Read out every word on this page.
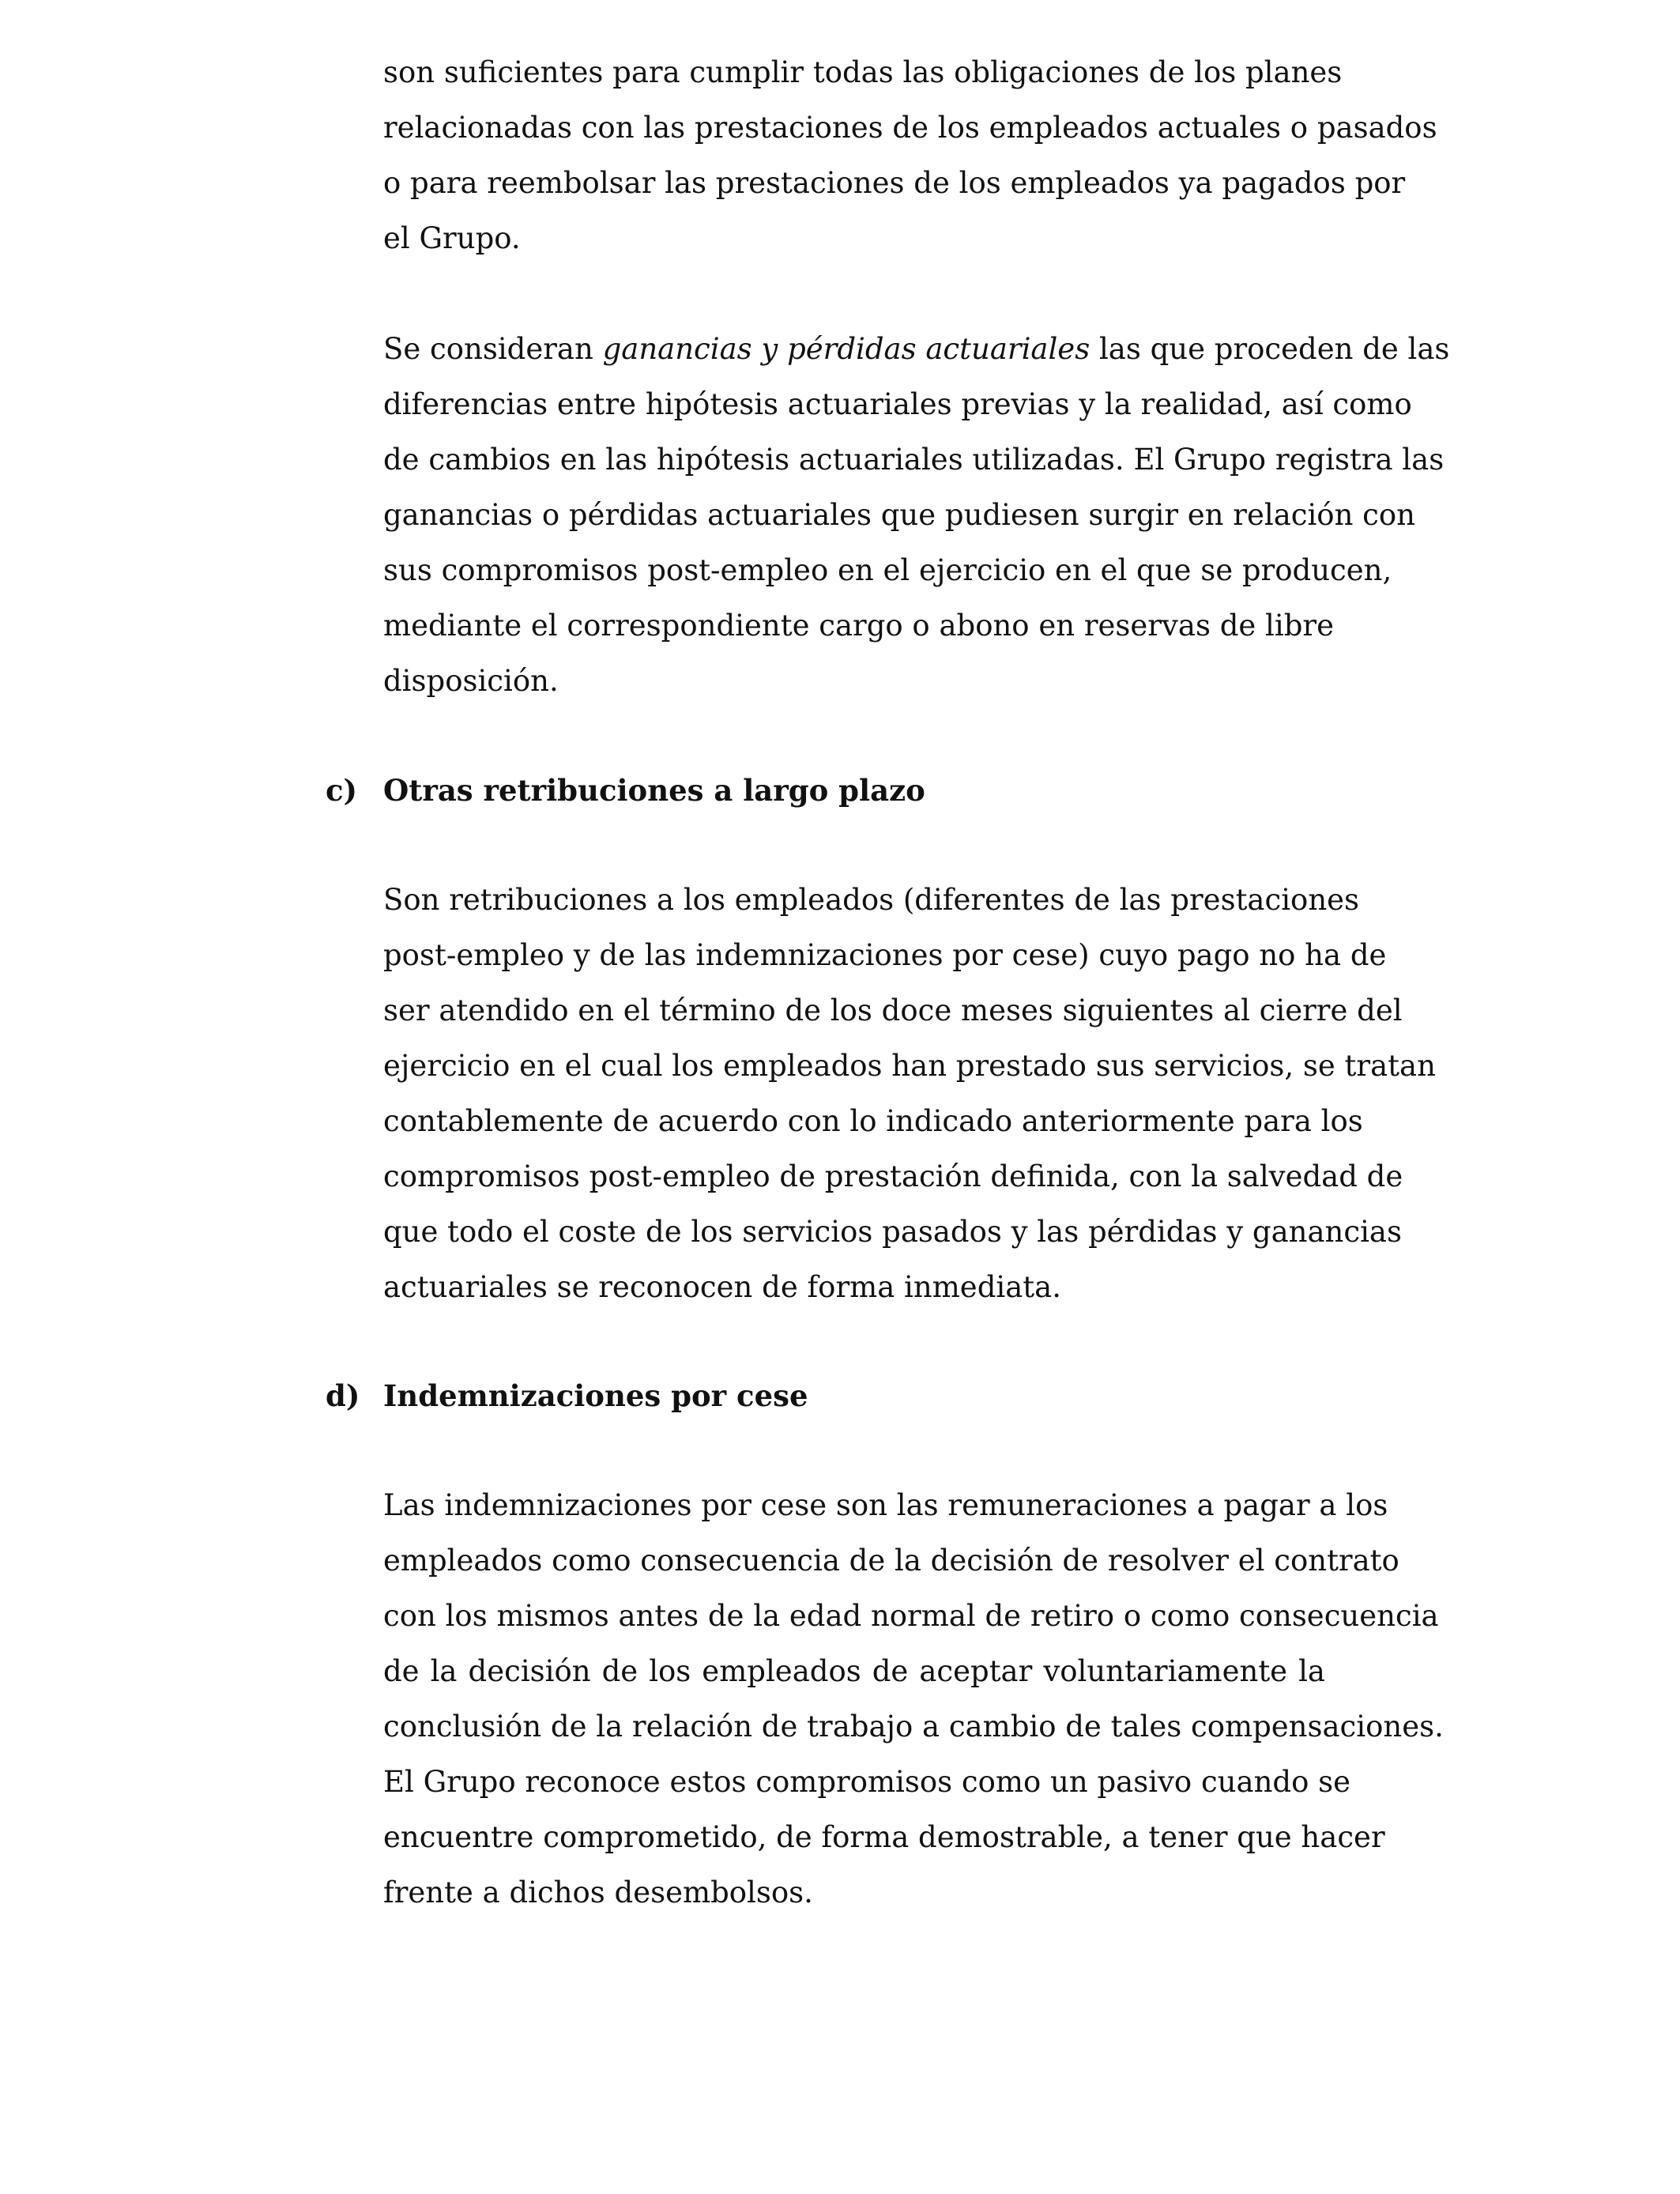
son suficientes para cumplir todas las obligaciones de los planes
relacionadas con las prestaciones de los empleados actuales o pasados
o para reembolsar las prestaciones de los empleados ya pagados por
el Grupo.
Se consideran ganancias y pérdidas actuariales las que proceden de las
diferencias entre hipótesis actuariales previas y la realidad, así como
de cambios en las hipótesis actuariales utilizadas. El Grupo registra las
ganancias o pérdidas actuariales que pudiesen surgir en relación con
sus compromisos post-empleo en el ejercicio en el que se producen,
mediante el correspondiente cargo o abono en reservas de libre
disposición.
c) Otras retribuciones a largo plazo
Son retribuciones a los empleados (diferentes de las prestaciones
post-empleo y de las indemnizaciones por cese) cuyo pago no ha de
ser atendido en el término de los doce meses siguientes al cierre del
ejercicio en el cual los empleados han prestado sus servicios, se tratan
contablemente de acuerdo con lo indicado anteriormente para los
compromisos post-empleo de prestación definida, con la salvedad de
que todo el coste de los servicios pasados y las pérdidas y ganancias
actuariales se reconocen de forma inmediata.
d) Indemnizaciones por cese
Las indemnizaciones por cese son las remuneraciones a pagar a los
empleados como consecuencia de la decisión de resolver el contrato
con los mismos antes de la edad normal de retiro o como consecuencia
de la decisión de los empleados de aceptar voluntariamente la
conclusión de la relación de trabajo a cambio de tales compensaciones.
El Grupo reconoce estos compromisos como un pasivo cuando se
encuentre comprometido, de forma demostrable, a tener que hacer
frente a dichos desembolsos.
